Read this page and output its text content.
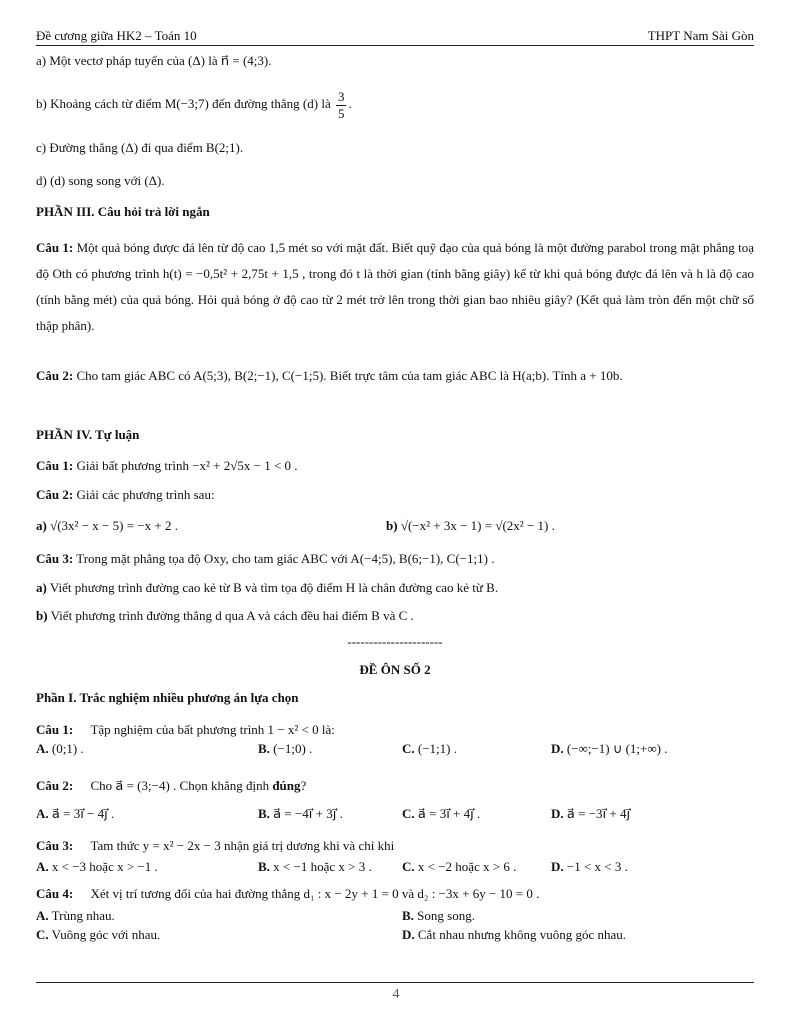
Đề cương giữa HK2 – Toán 10	THPT Nam Sài Gòn
a) Một vectơ pháp tuyến của (Δ) là n⃗ = (4;3).
b) Khoảng cách từ điểm M(−3;7) đến đường thẳng (d) là $\frac{3}{5}$ .
c) Đường thẳng (Δ) đi qua điểm B(2;1).
d) (d) song song với (Δ).
PHẦN III. Câu hỏi trả lời ngắn
Câu 1: Một quả bóng được đá lên từ độ cao 1,5 mét so với mặt đất. Biết quỹ đạo của quả bóng là một đường parabol trong mặt phẳng toạ độ Oth có phương trình h(t) = −0,5t² + 2,75t + 1,5 , trong đó t là thời gian (tính bằng giây) kể từ khi quả bóng được đá lên và h là độ cao (tính bằng mét) của quả bóng. Hỏi quả bóng ở độ cao từ 2 mét trở lên trong thời gian bao nhiêu giây? (Kết quả làm tròn đến một chữ số thập phân).
Câu 2: Cho tam giác ABC có A(5;3), B(2;−1), C(−1;5). Biết trực tâm của tam giác ABC là H(a;b). Tính a + 10b.
PHẦN IV. Tự luận
Câu 1: Giải bất phương trình −x² + 2√5x − 1 < 0 .
Câu 2: Giải các phương trình sau:
a) √(3x² − x − 5) = −x + 2 .	b) √(−x² + 3x − 1) = √(2x² − 1) .
Câu 3: Trong mặt phẳng tọa độ Oxy, cho tam giác ABC với A(−4;5), B(6;−1), C(−1;1) .
a) Viết phương trình đường cao kẻ từ B và tìm tọa độ điểm H là chân đường cao kẻ từ B.
b) Viết phương trình đường thẳng d qua A và cách đều hai điểm B và C .
----------------------
ĐỀ ÔN SỐ 2
Phần I. Trắc nghiệm nhiều phương án lựa chọn
Câu 1: Tập nghiệm của bất phương trình 1 − x² < 0 là:
A. (0;1) .	B. (−1;0) .	C. (−1;1) .	D. (−∞;−1) ∪ (1;+∞) .
Câu 2: Cho a⃗ = (3;−4) . Chọn khẳng định đúng?
A. a⃗ = 3i⃗ − 4j⃗ .	B. a⃗ = −4i⃗ + 3j⃗ .	C. a⃗ = 3i⃗ + 4j⃗ .	D. a⃗ = −3i⃗ + 4j⃗
Câu 3: Tam thức y = x² − 2x − 3 nhận giá trị dương khi và chỉ khi
A. x < −3 hoặc x > −1 .	B. x < −1 hoặc x > 3 . C. x < −2 hoặc x > 6 .	D. −1 < x < 3 .
Câu 4: Xét vị trí tương đối của hai đường thẳng d₁ : x − 2y + 1 = 0 và d₂ : −3x + 6y − 10 = 0 .
A. Trùng nhau.	B. Song song.
C. Vuông góc với nhau.	D. Cắt nhau nhưng không vuông góc nhau.
4
